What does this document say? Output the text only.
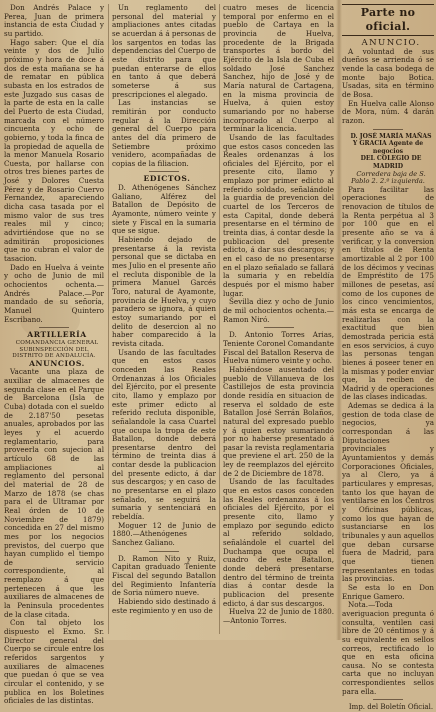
Don Andrés Palace y Perea, Juan de primera instancia de esta Ciudad y su partido.

Hago saber: Que el día veinte y dos de Julio próximo y hora de doce á dos de esta mañana se ha de rematar en pública subasta en los estrados de este Juzgado sus casas de la parte de esta en la calle del Puerto de esta Ciudad, marcada con el número cincuenta y ocho de gobierno, y toda la finca de la propiedad de aquella de la menor Manuela Rosario Cuesta, por hallarse con otros tres bienes partes de José y Dolores Cuesta Pérez y de Rosario Cuervo Fernandez, apareciendo dicha casa tasada por el mismo valor de sus tres reales mil y cinco; advirtiéndose que no se admitirán proposiciones que no cubran el valor de tasacion.

Dado en Huelva á veinte y ocho de Junio de mil ochocientos ochenta.—Andrés Palace.—Por mandado de su señoría, Manuel Quintero Escribano.

ARTILLERÍA

COMANDANCIA GENERAL SUBINSPECCIÓN DEL DISTRITO DE ANDALUCÍA.

ANUNCIOS.

Vacante una plaza de auxiliar de almacenes de segunda clase en el Parque de Barcelona (Isla de Cuba) dotada con el sueldo de 2.187'50 pesetas anuales, aprobados por las leyes y el acuerdo reglamentario, para proveerla con sujecion al artículo 68 de las ampliaciones al reglamento del personal del material de 28 de Marzo de 1878 (se chas para el de Ultramar por Real órden de 10 de Noviembre de 1879) concedida en 27 del mismo mes por los negocios previstos, del cuerpo que hayan cumplido el tiempo de servicio correspondiente, al reemplazo á que pertenecen á que les auxiliares de almacenes de la Peninsula procedentes de la clase citada.

Con tal objeto los dispuesto el Exmo. Sr. Director general del Cuerpo se circule entre los referidos sargentos y auxiliares de almacenes que puedan ó que se vea circular el contenido, y se publica en los Boletines oficiales de las distintas.

Un reglamento del personal del material y ampliaciones antes citadas se acuerdan á á personas de los sargentos en todas las dependencias del Cuerpo de este distrito para que puedan enterarse de ellos en tanto á que deberá someterse á sus prescripciones el alegado.

Las instancias se remitirán por conducto regular á la Dirección general del Cuerpo para antes del día primero de Setiembre próximo venidero, acompañadas de copias de la filiacion.

EDICTOS.

D. Athenógenes Sánchez Galiano, Alférez del Batallon de Depósito de Ayamonte, número veinte y siete y Fiscal en la sumaria que se sigue.

Habiendo dejado de presentarse á la revista personal que se dictaba en mes Julio en el presente año el recluta disponible de la primera Manuel Garcés Toro, natural de Ayamonte, provincia de Huelva, y cuyo paradero se ignora, á quien estoy sumariando por el delito de desercion al no haber comparecido á la revista citada.

Usando de las facultades que en estos casos conceden las Reales Ordenanzas á los Oficiales del Ejército, por el presente cito, llamo y emplazo por este primer edicto al referido recluta disponible, señalandole la casa Cuartel que ocupa la tropa de este Batallon, donde deberá presentarse dentro del término de treinta dias á contar desde la publicacion del presente edicto, á dar sus descargos; y en caso de no presentarse en el plazo señalado, se seguirá la sumaria y sentenciará en rebeldía.

Moguer 12 de Junio de 1880.—Athenógenes Sanchez Galiano.

D. Ramon Nito y Ruiz, Capitan graduado Teniente Fiscal del segundo Batallon del Regimiento Infantería de Soria número nueve.

Habiendo sido destinado á este regimiento y en uso de

cuatro meses de licencia temporal por enfermo en el pueblo de Cartaya en la provincia de Huelva, procedente de la Brigada transportes á bordo del Ejército de la Isla de Cuba el soldado José Sanchez Sanchez, hijo de José y de María natural de Cartagena, en la misma provincia de Huelva, á quien estoy sumariando por no haberse incorporado al Cuerpo al terminar la licencia.

Usando de las facultades que estos casos conceden las Reales ordenanzas á los oficiales del Ejército, por el presente cito, llamo y emplazo por primer edicto al referido soldado, señalándole la guardia de prevencion del cuartel de los Terceros de esta Capital, donde deberá presentarse en el término de treinta dias, á contar desde la publicacion del presente edicto, á dar sus descargos; y en el caso de no presentarse en el plazo señalado se fallará la sumaria y en rebeldía después por el mismo haber lugar.

Sevilla diez y ocho de Junio de mil ochocientos ochenta.—Ramon Niró.

D. Antonio Torres Arias, Teniente Coronel Comandante Fiscal del Batallon Reserva de Huelva número veinte y ocho.

Habiéndose ausentado del pueblo de Villanueva de los Castillejos de esta provincia donde residía en situacion de reserva el soldado de este Batallon José Serrán Bolaños, natural del expresado pueblo y á quien estoy sumariando por no haberse presentado á pasar la revista reglamentaria que previene el art. 250 de la ley de reemplazos del ejército de 2 de Diciembre de 1878.

Usando de las facultades que en estos casos conceden las Reales ordenanzas á los oficiales del Ejército, por el presente cito, llamo y emplazo por segundo edicto al referido soldado, señalándole el cuartel del Duchampa que ocupa el cuadro de este Batallon, donde deberá presentarse dentro del término de treinta dias á contar desde la publicacion del presente edicto, á dar sus descargos.

Huelva 22 de Junio de 1880.—Antonio Torres.

Parte no oficial.

ANUNCIO.

A voluntad de sus dueños se arrienda ó se vende la casa bodega de monte bajo Botica. Usadas, sita en término de Bosa.

En Huelva calle Alonso de Mora, núm. 4 darán razon.

D. JOSÉ MARÍA MAÑAS Y GRACIA Agente de negocios

DEL COLEGIO DE MADRID

Corredera baja de S. Pablo 2. 2.º izquierda.

Para facilitar las operaciones de renovacion de títulos de la Renta perpétua al 3 por 100 que en el presente año se va á verificar, y la conversion en títulos de Renta amortizable al 2 por 100 de los décimos y vecinas de Empréstito de 175 millones de pesetas, así como de los cupones de los cinco vencimientos, más esta se encarga de realizarlas con la exactitud que bien demostrada pericia está en esos servicios, á cuyo las personas tengan bienes á poseer tener en la mismas y poder enviar que, la reciben de Madrid y de operaciones de las clases indicadas.

Ademas se dedica á la gestion de toda clase de negocios, ya correspondan á las Diputaciones provinciales y Ayuntamientos y demás Corporaciones Oficiales, ya al Clero, ya á particulares y empresas, tanto los que hayan de ventilarse en los Centros y Oficinas públicas, como los que hayan de sustanciarse en los tribunales y aun aquellos que deban cursarse fuera de Madrid, para que tienen representantes en todas las provincias.

Se esta lo en Don Enrique Gamero.

Nota.—Toda averiguacion pregunta ó consulta, ventilen casi libre de 20 céntimos y á su equivalente en sellos correos, rectificado lo que en esta oficina causa. No se contesta carta que no incluyan correspondientes sellos para ella.

Imp. del Boletín Oficial.
